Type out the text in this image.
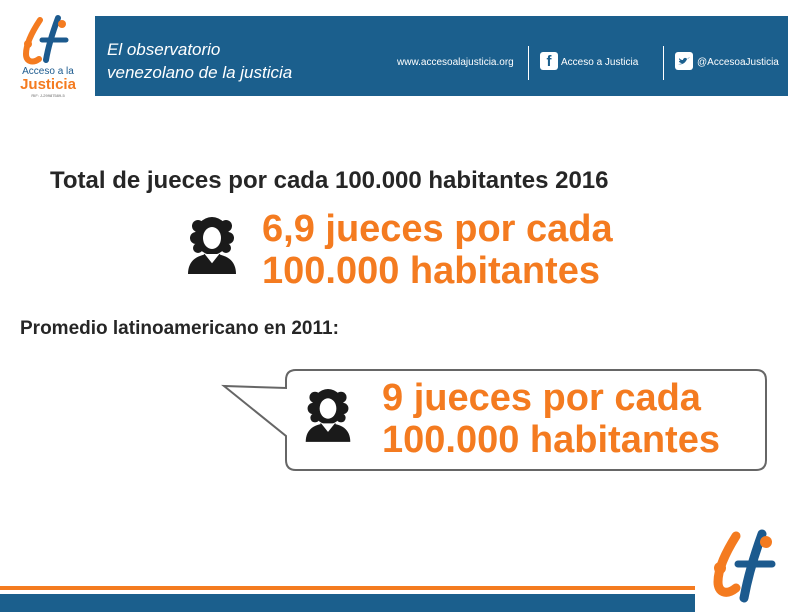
Acceso a la
Justicia
RIF: J-29987589-5
El observatorio
venezolano de la justicia
www.accesoalajusticia.org	f Acceso a Justicia	@AccesoaJusticia
Total de jueces por cada 100.000 habitantes 2016
6,9 jueces por cada
100.000 habitantes
Promedio latinoamericano en 2011:
9 jueces por cada
100.000 habitantes
